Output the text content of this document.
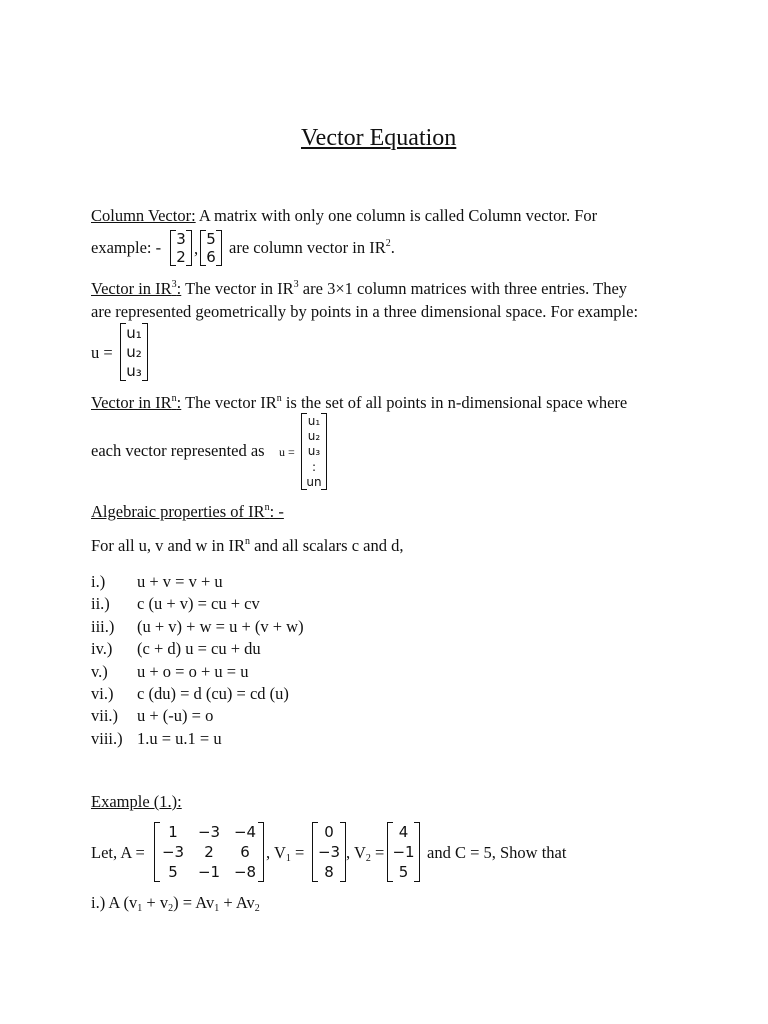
Vector Equation
Column Vector: A matrix with only one column is called Column vector. For
example: -	3
2 , 5
6 are column vector in $IR^2$.
Vector in $IR^3$: The vector in $IR^3$ are 3×1 column matrices with three entries. They
are represented geometrically by points in a three dimensional space. For example:
u =
u₁
u₂
u₃
Vector in $IR^n$: The vector $IR^n$ is the set of all points in n-dimensional space where
each vector represented as u =
u₁
u₂
u₃
:
un
Algebraic properties of $IR^n$: -
For all u, v and w in $IR^n$ and all scalars c and d,
i.) u + v = v + u
ii.) c (u + v) = cu + cv
iii.) (u + v) + w = u + (v + w)
iv.) (c + d) u = cu + du
v.) u + o = o + u = u
vi.) c (du) = d (cu) = cd (u)
vii.) u + (-u) = o
viii.) 1.u = u.1 = u
Example (1.):
Let, A =
1	−3 −4
−3	2	6
5	−1 −8
, $V_1$ =
0
−3
8
, $V_2$ =
4
−1
5
and C = 5, Show that
i.) A $(v_1 + v_2) = Av_1 + Av_2$
